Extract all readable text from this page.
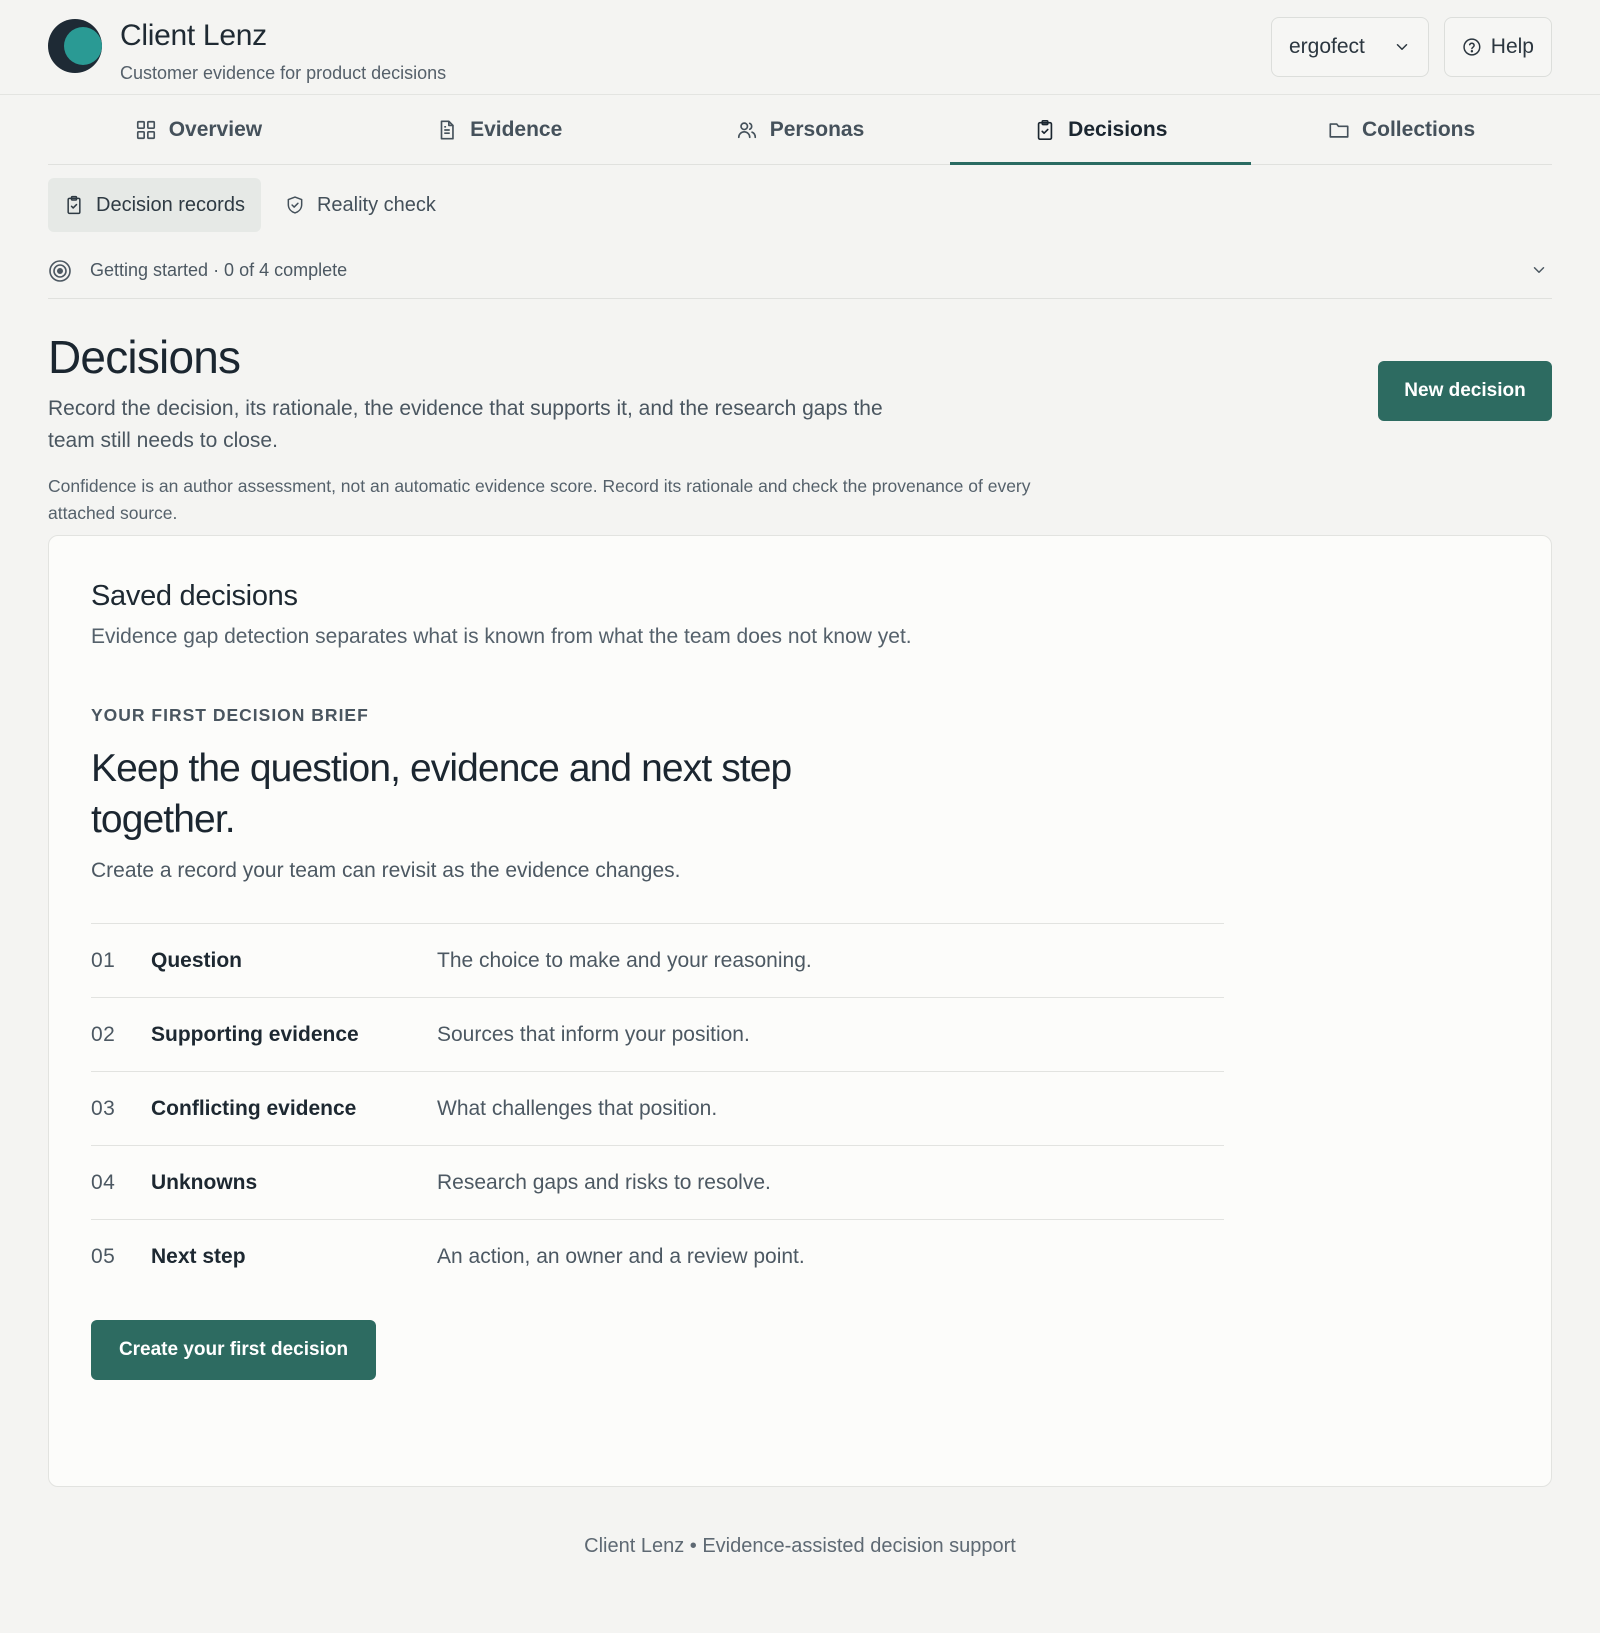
Client Lenz
Customer evidence for product decisions
ergofect	Help
Overview	Evidence	Personas	Decisions	Collections
Decision records	Reality check
Getting started · 0 of 4 complete
Decisions

Record the decision, its rationale, the evidence that supports it, and the research gaps the team still needs to close.

Confidence is an author assessment, not an automatic evidence score. Record its rationale and check the provenance of every attached source.

New decision
Saved decisions

Evidence gap detection separates what is known from what the team does not know yet.

YOUR FIRST DECISION BRIEF
Keep the question, evidence and next step together.

Create a record your team can revisit as the evidence changes.

01	Question	The choice to make and your reasoning.
02	Supporting evidence	Sources that inform your position.
03	Conflicting evidence	What challenges that position.
04	Unknowns	Research gaps and risks to resolve.
05	Next step	An action, an owner and a review point.
Create your first decision
Client Lenz • Evidence-assisted decision support
